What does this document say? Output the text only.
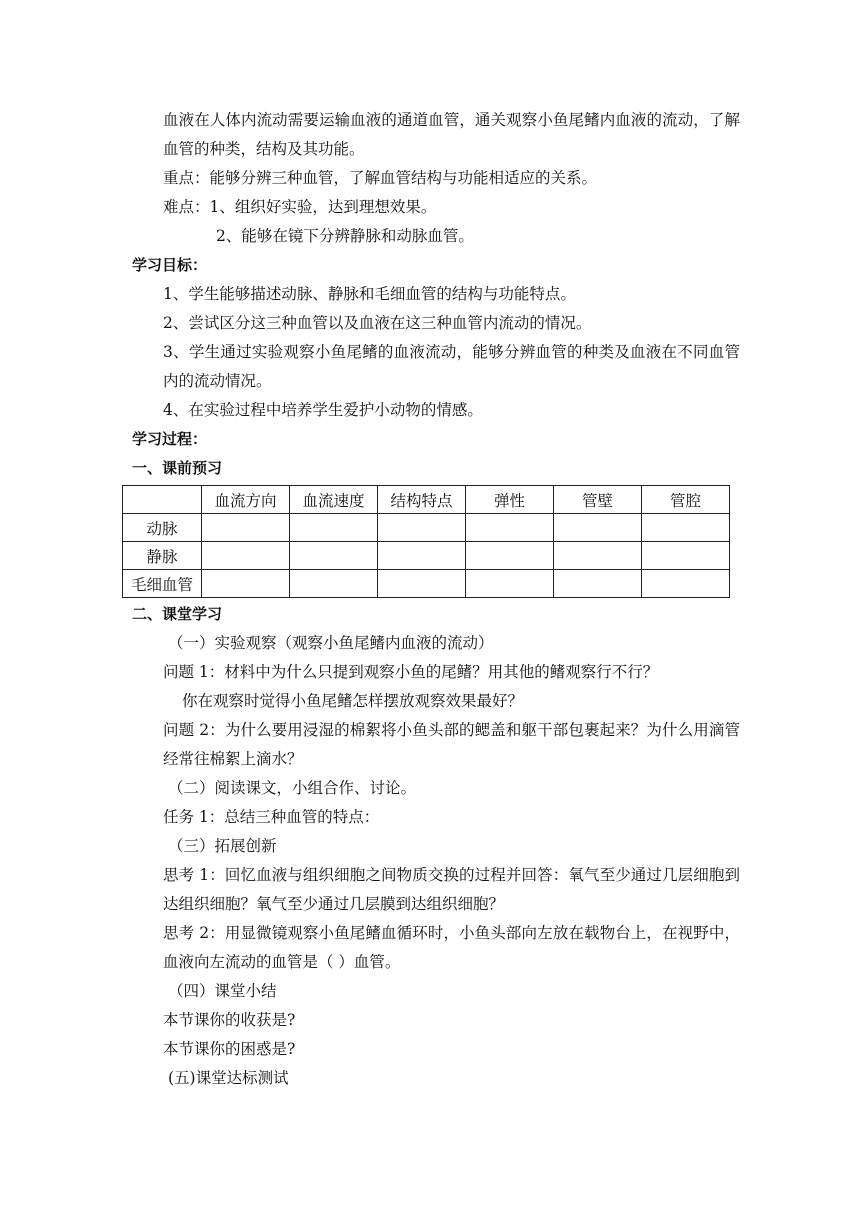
血液在人体内流动需要运输血液的通道血管，通关观察小鱼尾鳍内血液的流动，了解血管的种类，结构及其功能。

重点：能够分辨三种血管，了解血管结构与功能相适应的关系。

难点：1、组织好实验，达到理想效果。

2、能够在镜下分辨静脉和动脉血管。

学习目标：

1、学生能够描述动脉、静脉和毛细血管的结构与功能特点。

2、尝试区分这三种血管以及血液在这三种血管内流动的情况。

3、学生通过实验观察小鱼尾鳍的血液流动，能够分辨血管的种类及血液在不同血管内的流动情况。

4、在实验过程中培养学生爱护小动物的情感。

学习过程：

一、课前预习

	血流方向	血流速度	结构特点	弹性	管壁	管腔
动脉						
静脉						
毛细血管						

二、课堂学习

（一）实验观察（观察小鱼尾鳍内血液的流动）

问题 1：材料中为什么只提到观察小鱼的尾鳍？用其他的鳍观察行不行？

你在观察时觉得小鱼尾鳍怎样摆放观察效果最好？

问题 2：为什么要用浸湿的棉絮将小鱼头部的鳃盖和躯干部包裹起来？为什么用滴管经常往棉絮上滴水？

（二）阅读课文，小组合作、讨论。

任务 1：总结三种血管的特点：

（三）拓展创新

思考 1：回忆血液与组织细胞之间物质交换的过程并回答：氧气至少通过几层细胞到达组织细胞？氧气至少通过几层膜到达组织细胞？

思考 2：用显微镜观察小鱼尾鳍血循环时，小鱼头部向左放在载物台上，在视野中，血液向左流动的血管是（ ）血管。

（四）课堂小结

本节课你的收获是?

本节课你的困惑是?

(五)课堂达标测试
